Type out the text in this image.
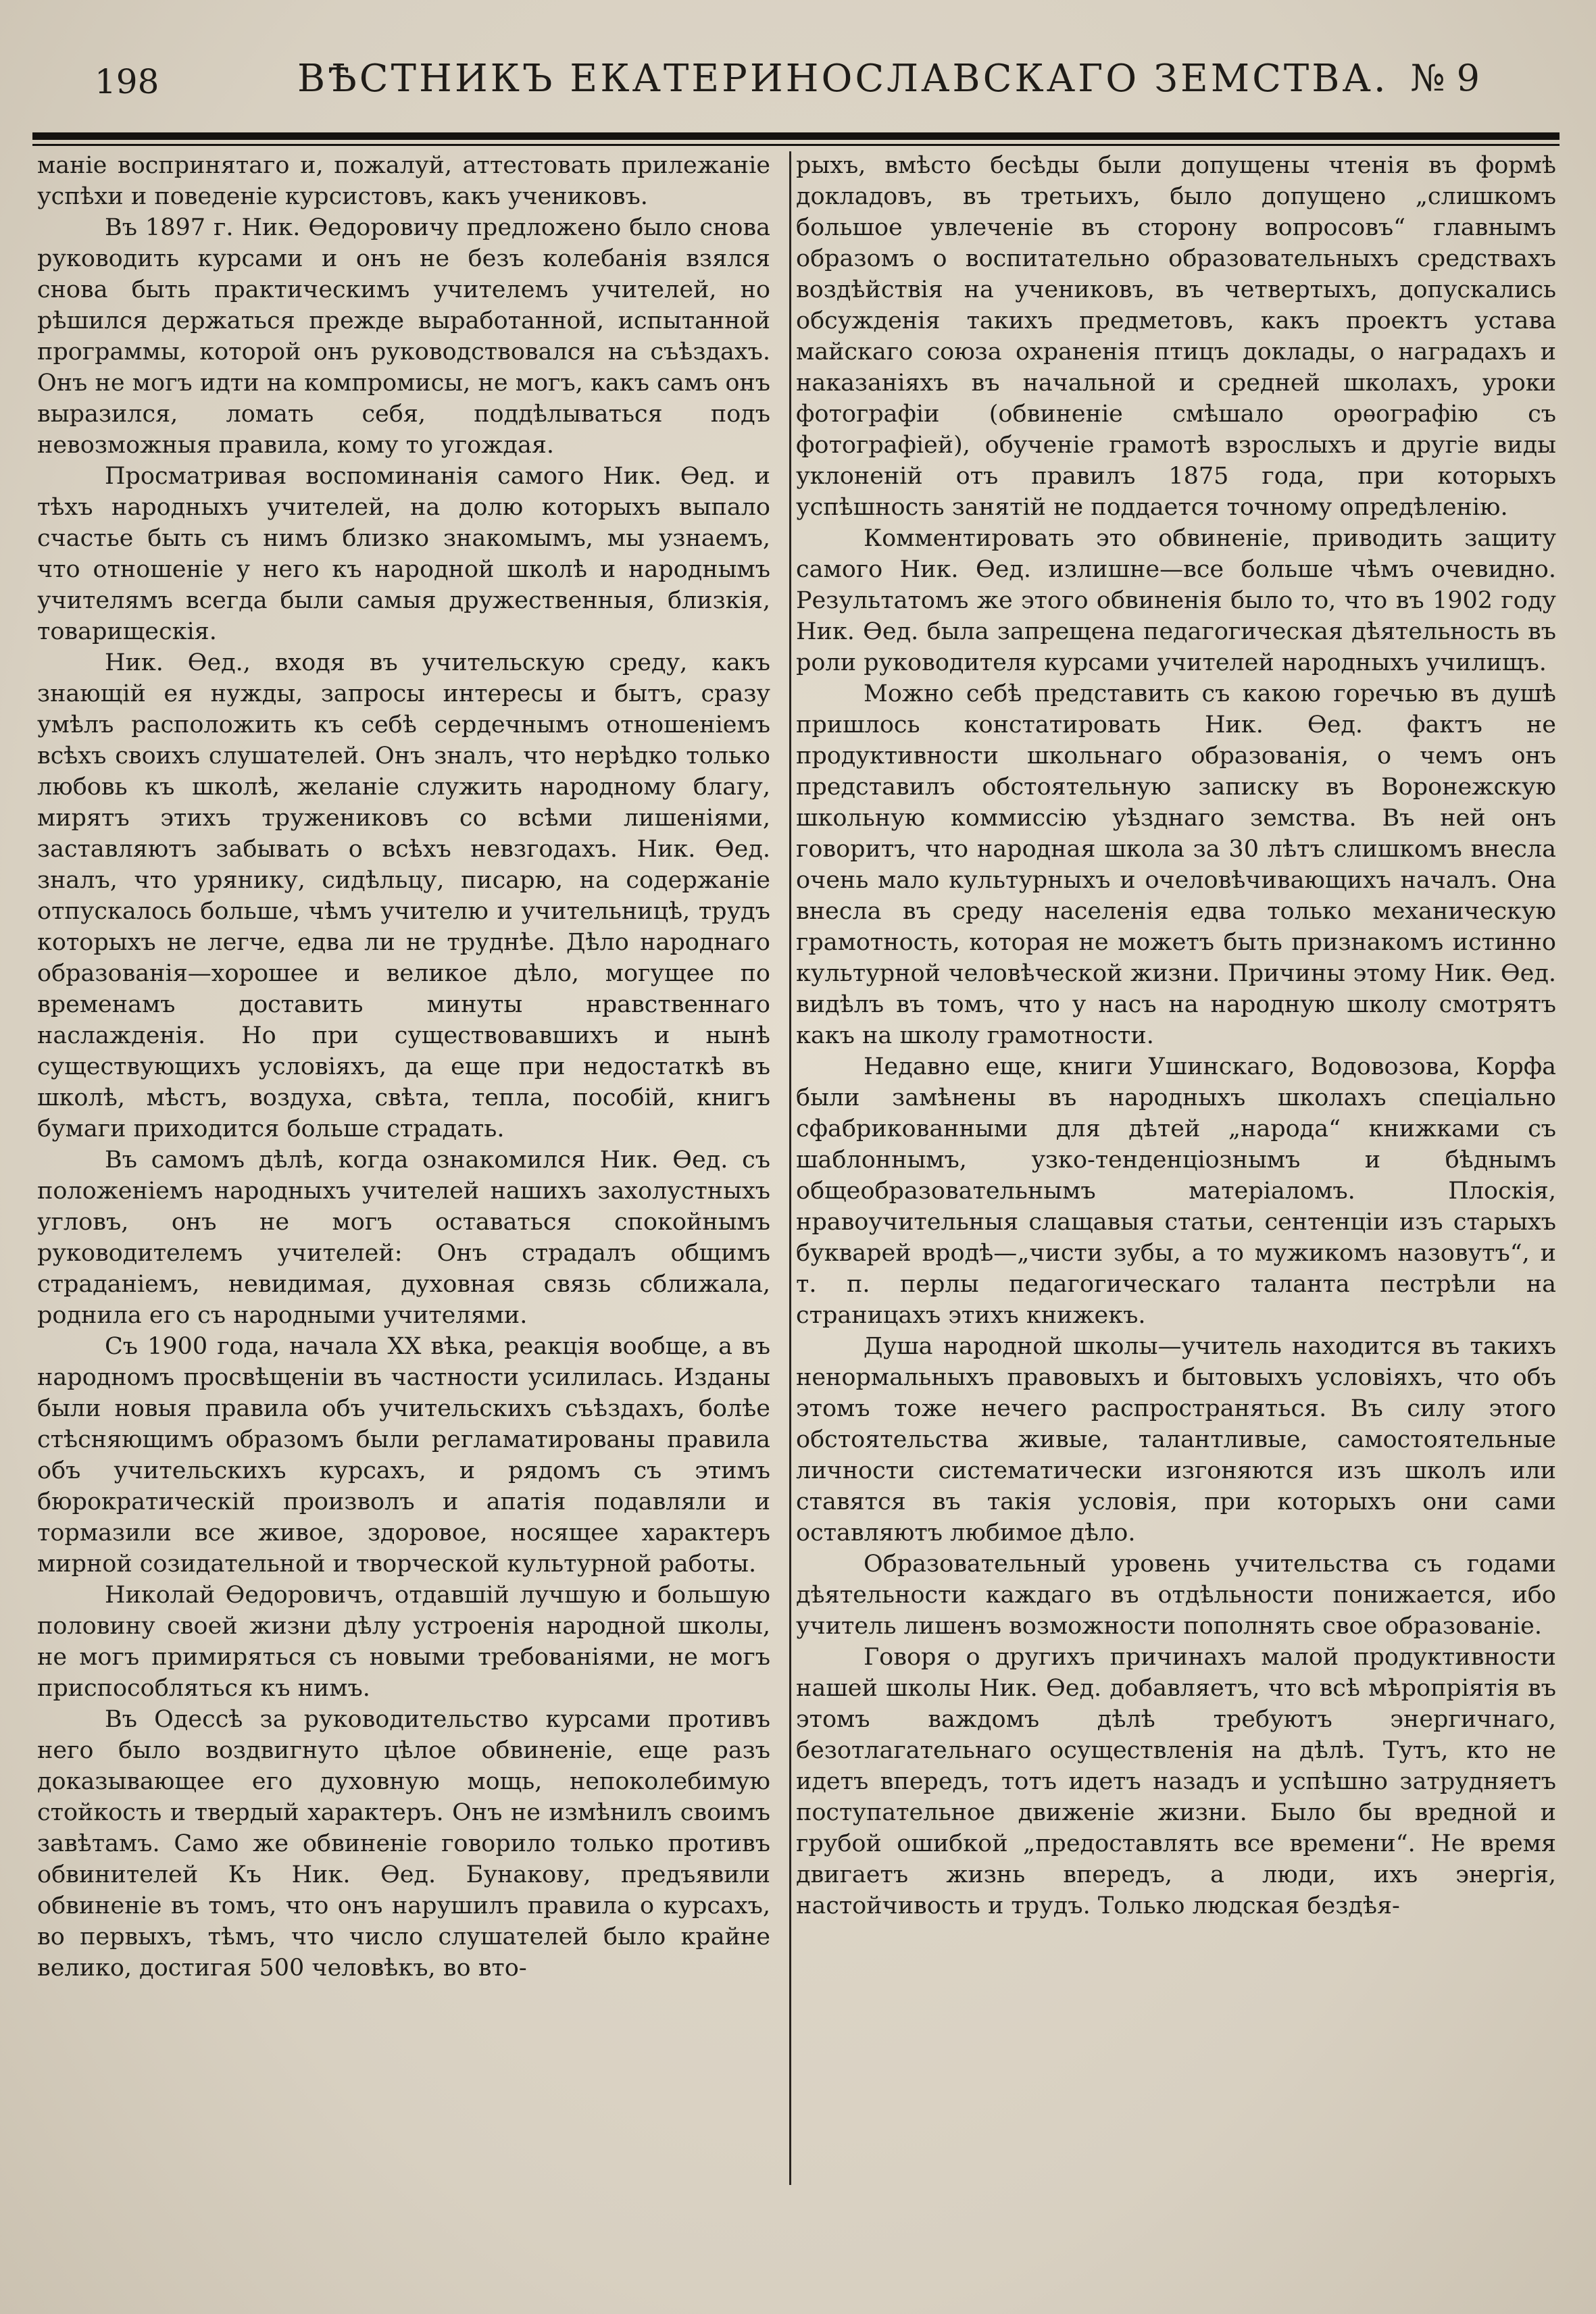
198	ВѢСТНИКЪ ЕКАТЕРИНОСЛАВСКАГО ЗЕМСТВА. № 9

маніе воспринятаго и, пожалуй, аттестовать прилежаніе успѣхи и поведеніе курсистовъ, какъ учениковъ.

Въ 1897 г. Ник. Ѳедоровичу предложено было снова руководить курсами и онъ не безъ колебанія взялся снова быть практическимъ учителемъ учителей, но рѣшился держаться прежде выработанной, испытанной программы, которой онъ руководствовался на съѣздахъ. Онъ не могъ идти на компромисы, не могъ, какъ самъ онъ выразился, ломать себя, поддѣлываться подъ невозможныя правила, кому то угождая.

Просматривая воспоминанія самого Ник. Ѳед. и тѣхъ народныхъ учителей, на долю которыхъ выпало счастье быть съ нимъ близко знакомымъ, мы узнаемъ, что отношеніе у него къ народной школѣ и народнымъ учителямъ всегда были самыя дружественныя, близкія, товарищескія.

Ник. Ѳед., входя въ учительскую среду, какъ знающій ея нужды, запросы интересы и бытъ, сразу умѣлъ расположить къ себѣ сердечнымъ отношеніемъ всѣхъ своихъ слушателей. Онъ зналъ, что нерѣдко только любовь къ школѣ, желаніе служить народному благу, мирятъ этихъ тружениковъ со всѣми лишеніями, заставляютъ забывать о всѣхъ невзгодахъ. Ник. Ѳед. зналъ, что урянику, сидѣльцу, писарю, на содержаніе отпускалось больше, чѣмъ учителю и учительницѣ, трудъ которыхъ не легче, едва ли не труднѣе. Дѣло народнаго образованія—хорошее и великое дѣло, могущее по временамъ доставить минуты нравственнаго наслажденія. Но при существовавшихъ и нынѣ существующихъ условіяхъ, да еще при недостаткѣ въ школѣ, мѣстъ, воздуха, свѣта, тепла, пособій, книгъ бумаги приходится больше страдать.

Въ самомъ дѣлѣ, когда ознакомился Ник. Ѳед. съ положеніемъ народныхъ учителей нашихъ захолустныхъ угловъ, онъ не могъ оставаться спокойнымъ руководителемъ учителей: Онъ страдалъ общимъ страданіемъ, невидимая, духовная связь сближала, роднила его съ народными учителями.

Съ 1900 года, начала XX вѣка, реакція вообще, а въ народномъ просвѣщеніи въ частности усилилась. Изданы были новыя правила объ учительскихъ съѣздахъ, болѣе стѣсняющимъ образомъ были регламатированы правила объ учительскихъ курсахъ, и рядомъ съ этимъ бюрократическій произволъ и апатія подавляли и тормазили все живое, здоровое, носящее характеръ мирной созидательной и творческой культурной работы.

Николай Ѳедоровичъ, отдавшій лучшую и большую половину своей жизни дѣлу устроенія народной школы, не могъ примиряться съ новыми требованіями, не могъ приспособляться къ нимъ.

Въ Одессѣ за руководительство курсами противъ него было воздвигнуто цѣлое обвиненіе, еще разъ доказывающее его духовную мощь, непоколебимую стойкость и твердый характеръ. Онъ не измѣнилъ своимъ завѣтамъ. Само же обвиненіе говорило только противъ обвинителей Къ Ник. Ѳед. Бунакову, предъявили обвиненіе въ томъ, что онъ нарушилъ правила о курсахъ, во первыхъ, тѣмъ, что число слушателей было крайне велико, достигая 500 человѣкъ, во вто-

рыхъ, вмѣсто бесѣды были допущены чтенія въ формѣ докладовъ, въ третьихъ, было допущено „слишкомъ большое увлеченіе въ сторону вопросовъ“ главнымъ образомъ о воспитательно образовательныхъ средствахъ воздѣйствія на учениковъ, въ четвертыхъ, допускались обсужденія такихъ предметовъ, какъ проектъ устава майскаго союза охраненія птицъ доклады, о наградахъ и наказаніяхъ въ начальной и средней школахъ, уроки фотографіи (обвиненіе смѣшало орѳографію съ фотографіей), обученіе грамотѣ взрослыхъ и другіе виды уклоненій отъ правилъ 1875 года, при которыхъ успѣшность занятій не поддается точному опредѣленію.

Комментировать это обвиненіе, приводить защиту самого Ник. Ѳед. излишне—все больше чѣмъ очевидно. Результатомъ же этого обвиненія было то, что въ 1902 году Ник. Ѳед. была запрещена педагогическая дѣятельность въ роли руководителя курсами учителей народныхъ училищъ.

Можно себѣ представить съ какою горечью въ душѣ пришлось констатировать Ник. Ѳед. фактъ не продуктивности школьнаго образованія, о чемъ онъ представилъ обстоятельную записку въ Воронежскую школьную коммиссію уѣзднаго земства. Въ ней онъ говоритъ, что народная школа за 30 лѣтъ слишкомъ внесла очень мало культурныхъ и очеловѣчивающихъ началъ. Она внесла въ среду населенія едва только механическую грамотность, которая не можетъ быть признакомъ истинно культурной человѣческой жизни. Причины этому Ник. Ѳед. видѣлъ въ томъ, что у насъ на народную школу смотрятъ какъ на школу грамотности.

Недавно еще, книги Ушинскаго, Водовозова, Корфа были замѣнены въ народныхъ школахъ спеціально сфабрикованными для дѣтей „народа“ книжками съ шаблоннымъ, узко-тенденціознымъ и бѣднымъ общеобразовательнымъ матеріаломъ. Плоскія, нравоучительныя слащавыя статьи, сентенціи изъ старыхъ букварей вродѣ—„чисти зубы, а то мужикомъ назовутъ“, и т. п. перлы педагогическаго таланта пестрѣли на страницахъ этихъ книжекъ.

Душа народной школы—учитель находится въ такихъ ненормальныхъ правовыхъ и бытовыхъ условіяхъ, что объ этомъ тоже нечего распространяться. Въ силу этого обстоятельства живые, талантливые, самостоятельные личности систематически изгоняются изъ школъ или ставятся въ такія условія, при которыхъ они сами оставляютъ любимое дѣло.

Образовательный уровень учительства съ годами дѣятельности каждаго въ отдѣльности понижается, ибо учитель лишенъ возможности пополнять свое образованіе.

Говоря о другихъ причинахъ малой продуктивности нашей школы Ник. Ѳед. добавляетъ, что всѣ мѣропріятія въ этомъ важдомъ дѣлѣ требуютъ энергичнаго, безотлагательнаго осуществленія на дѣлѣ. Тутъ, кто не идетъ впередъ, тотъ идетъ назадъ и успѣшно затрудняетъ поступательное движеніе жизни. Было бы вредной и грубой ошибкой „предоставлять все времени“. Не время двигаетъ жизнь впередъ, а люди, ихъ энергія, настойчивость и трудъ. Только людская бездѣя-
